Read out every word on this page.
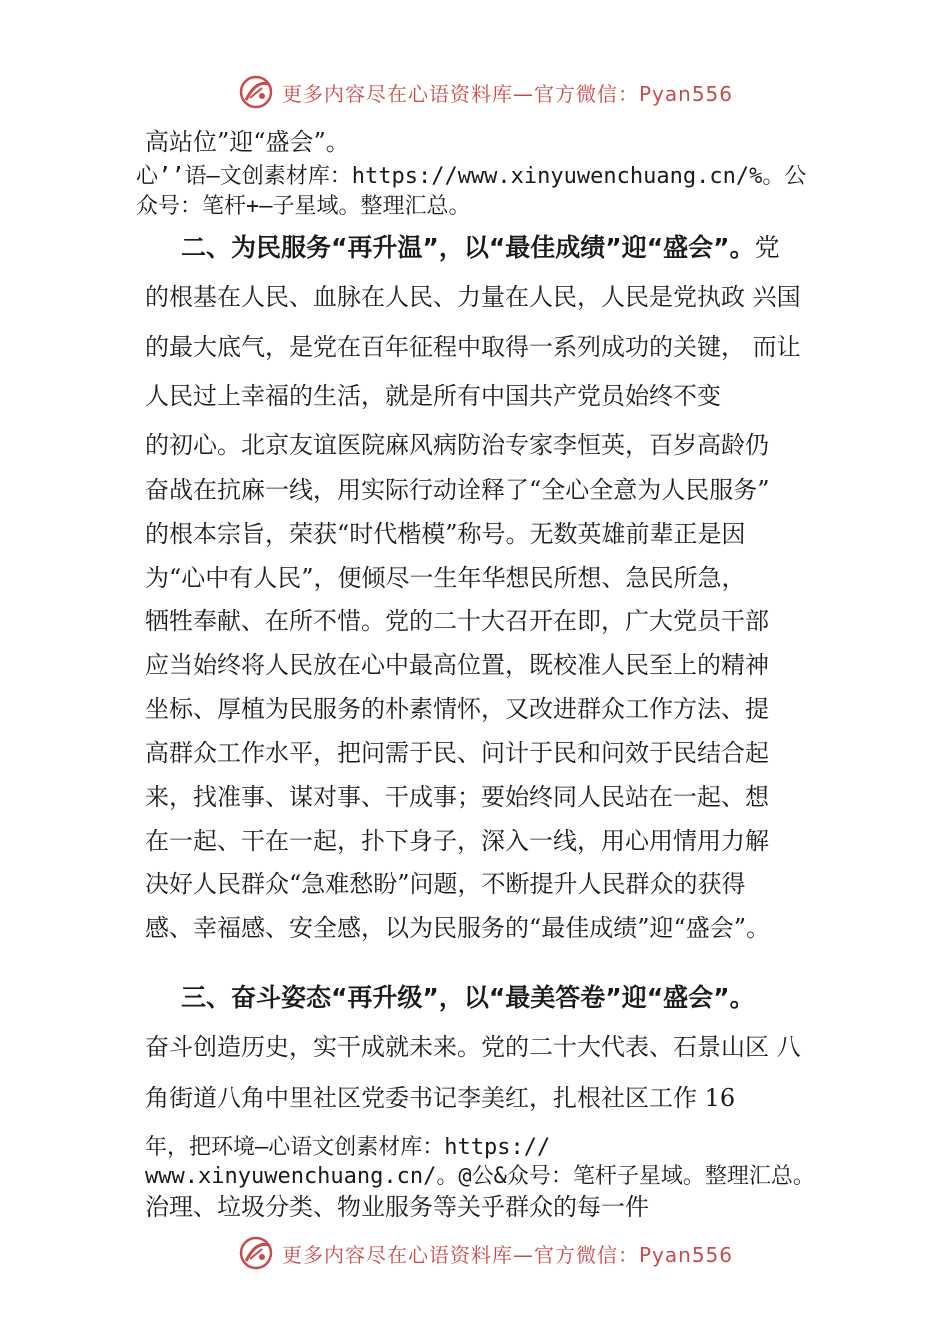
更多内容尽在心语资料库—官方微信：Pyan556
高站位”迎“盛会”。
心’’语—文创素材库：https://www.xinyuwenchuang.cn/%。公
众号：笔杆+—子星域。整理汇总。
二、为民服务“再升温”，以“最佳成绩”迎“盛会”。党
的根基在人民、血脉在人民、力量在人民，人民是党执政 兴国
的最大底气，是党在百年征程中取得一系列成功的关键， 而让
人民过上幸福的生活，就是所有中国共产党员始终不变
的初心。北京友谊医院麻风病防治专家李恒英，百岁高龄仍
奋战在抗麻一线，用实际行动诠释了“全心全意为人民服务”
的根本宗旨，荣获“时代楷模”称号。无数英雄前辈正是因
为“心中有人民”，便倾尽一生年华想民所想、急民所急，
牺牲奉献、在所不惜。党的二十大召开在即，广大党员干部
应当始终将人民放在心中最高位置，既校准人民至上的精神
坐标、厚植为民服务的朴素情怀，又改进群众工作方法、提
高群众工作水平，把问需于民、问计于民和问效于民结合起
来，找准事、谋对事、干成事；要始终同人民站在一起、想
在一起、干在一起，扑下身子，深入一线，用心用情用力解
决好人民群众“急难愁盼”问题，不断提升人民群众的获得
感、幸福感、安全感，以为民服务的“最佳成绩”迎“盛会”。
三、奋斗姿态“再升级”，以“最美答卷”迎“盛会”。
奋斗创造历史，实干成就未来。党的二十大代表、石景山区 八
角街道八角中里社区党委书记李美红，扎根社区工作 16
年，把环境—心语文创素材库：https://
www.xinyuwenchuang.cn/。@公&众号：笔杆子星域。整理汇总。
治理、垃圾分类、物业服务等关乎群众的每一件
更多内容尽在心语资料库—官方微信：Pyan556
